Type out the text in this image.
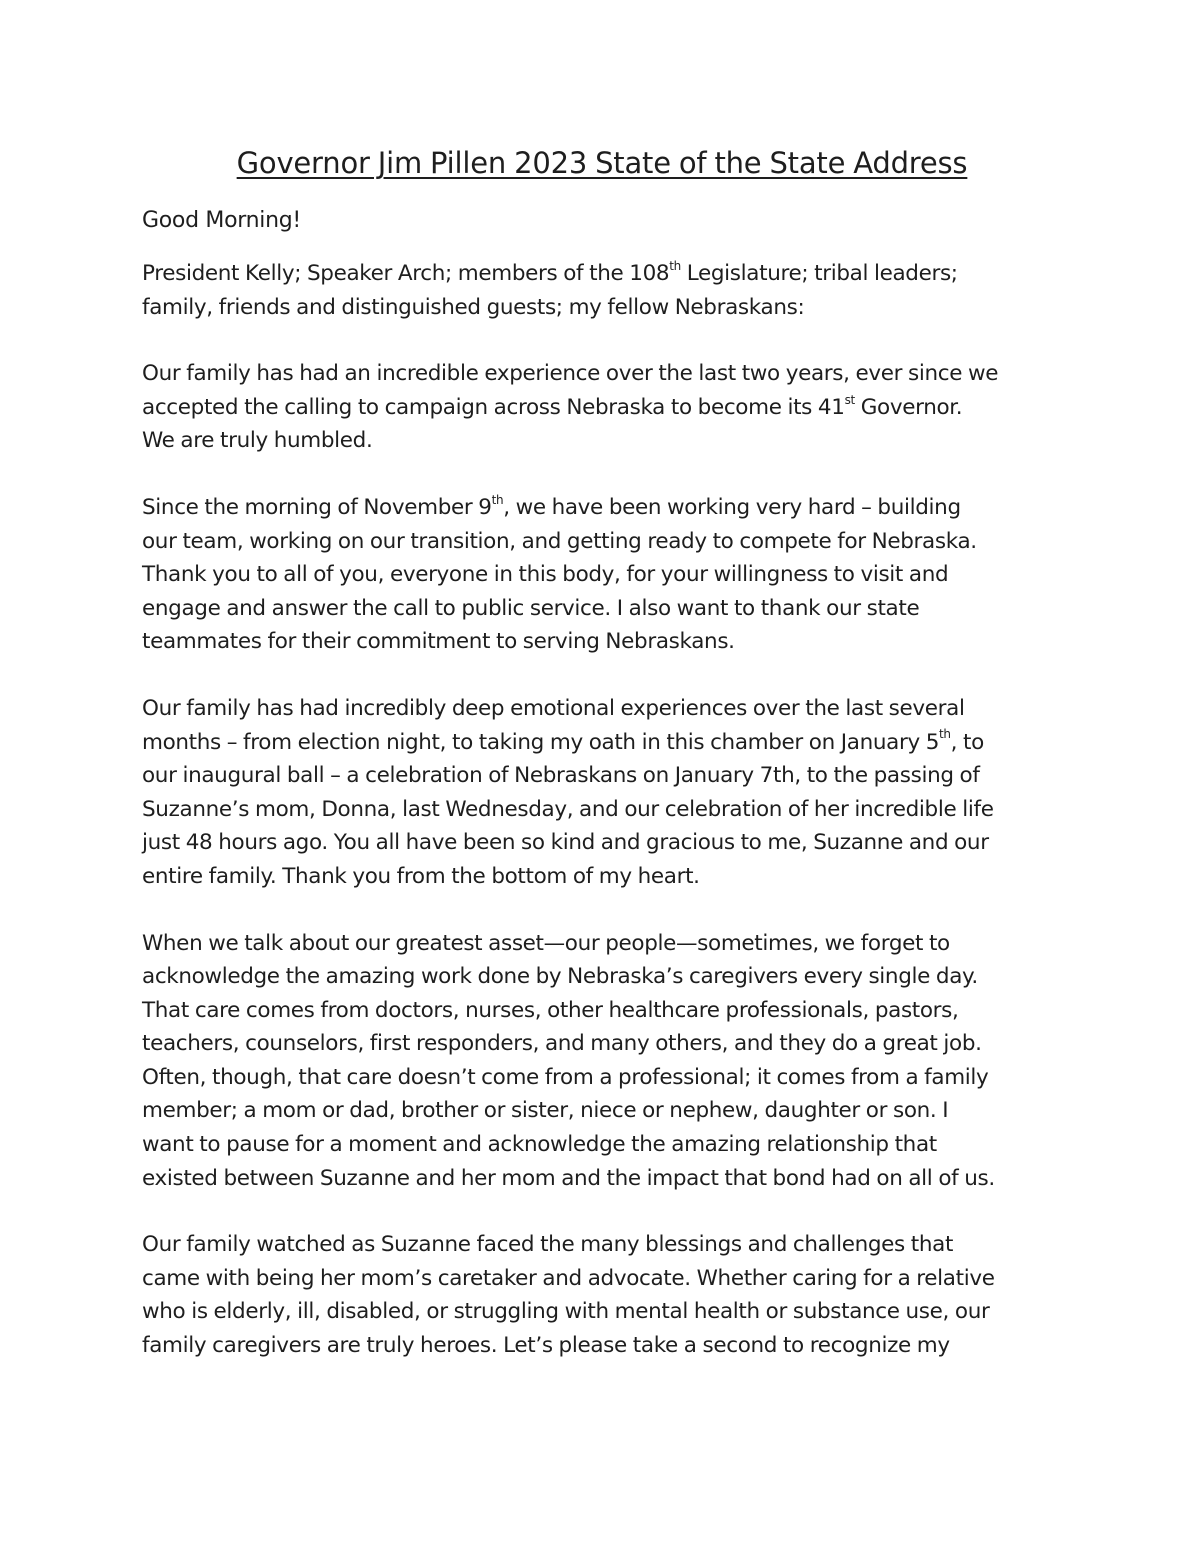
Governor Jim Pillen 2023 State of the State Address

Good Morning!

President Kelly; Speaker Arch; members of the 108th Legislature; tribal leaders;
family, friends and distinguished guests; my fellow Nebraskans:

Our family has had an incredible experience over the last two years, ever since we
accepted the calling to campaign across Nebraska to become its 41st Governor.
We are truly humbled.

Since the morning of November 9th, we have been working very hard – building
our team, working on our transition, and getting ready to compete for Nebraska.
Thank you to all of you, everyone in this body, for your willingness to visit and
engage and answer the call to public service. I also want to thank our state
teammates for their commitment to serving Nebraskans.

Our family has had incredibly deep emotional experiences over the last several
months – from election night, to taking my oath in this chamber on January 5th, to
our inaugural ball – a celebration of Nebraskans on January 7th, to the passing of
Suzanne’s mom, Donna, last Wednesday, and our celebration of her incredible life
just 48 hours ago. You all have been so kind and gracious to me, Suzanne and our
entire family. Thank you from the bottom of my heart.

When we talk about our greatest asset—our people—sometimes, we forget to
acknowledge the amazing work done by Nebraska’s caregivers every single day.
That care comes from doctors, nurses, other healthcare professionals, pastors,
teachers, counselors, first responders, and many others, and they do a great job.
Often, though, that care doesn’t come from a professional; it comes from a family
member; a mom or dad, brother or sister, niece or nephew, daughter or son. I
want to pause for a moment and acknowledge the amazing relationship that
existed between Suzanne and her mom and the impact that bond had on all of us.

Our family watched as Suzanne faced the many blessings and challenges that
came with being her mom’s caretaker and advocate. Whether caring for a relative
who is elderly, ill, disabled, or struggling with mental health or substance use, our
family caregivers are truly heroes. Let’s please take a second to recognize my
